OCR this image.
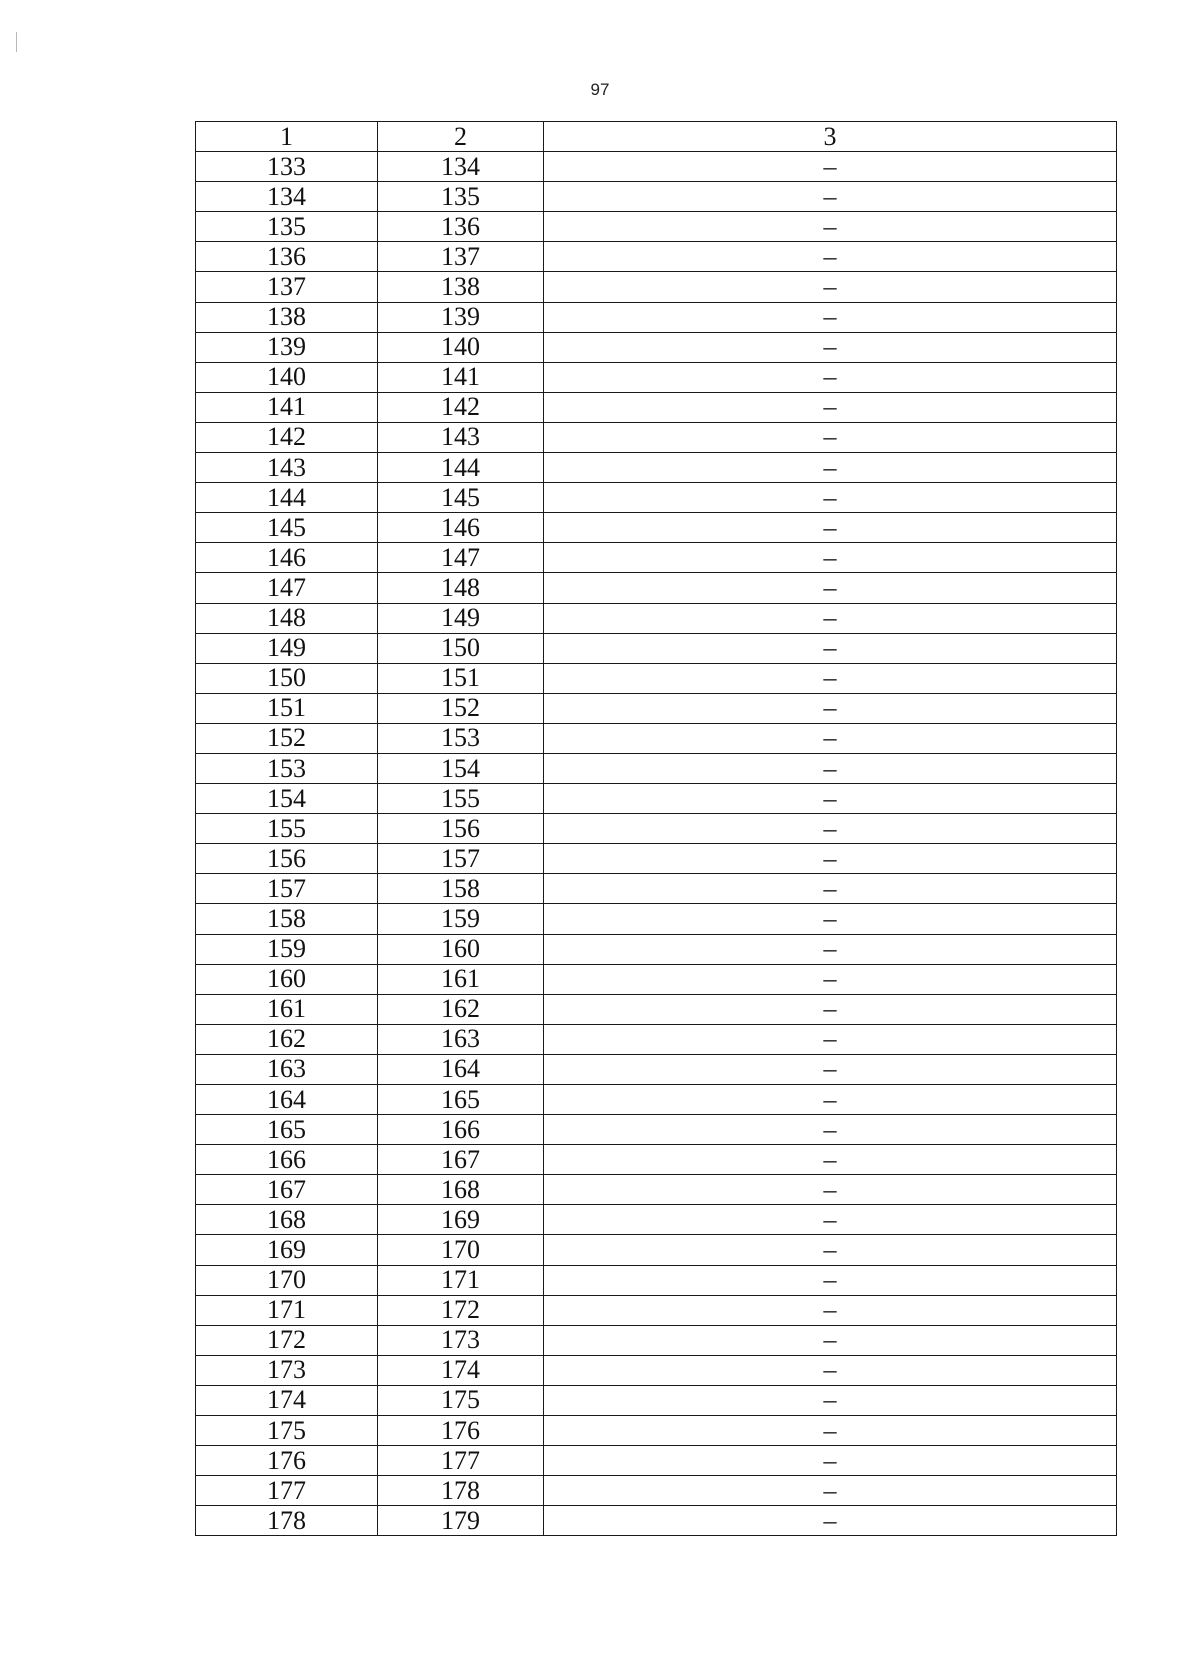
97
1	2	3
133	134	–
134	135	–
135	136	–
136	137	–
137	138	–
138	139	–
139	140	–
140	141	–
141	142	–
142	143	–
143	144	–
144	145	–
145	146	–
146	147	–
147	148	–
148	149	–
149	150	–
150	151	–
151	152	–
152	153	–
153	154	–
154	155	–
155	156	–
156	157	–
157	158	–
158	159	–
159	160	–
160	161	–
161	162	–
162	163	–
163	164	–
164	165	–
165	166	–
166	167	–
167	168	–
168	169	–
169	170	–
170	171	–
171	172	–
172	173	–
173	174	–
174	175	–
175	176	–
176	177	–
177	178	–
178	179	–
